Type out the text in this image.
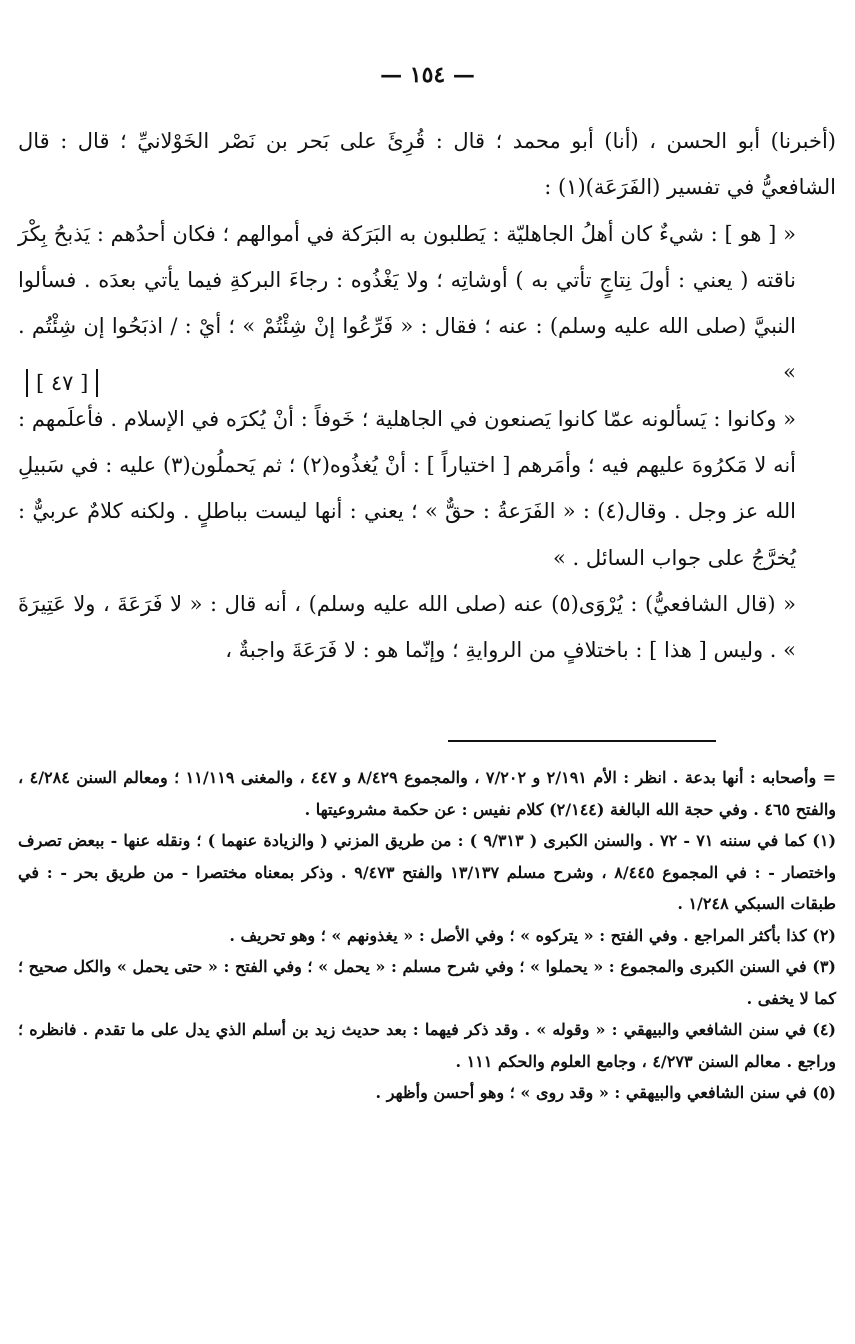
— ١٥٤ —

(أخبرنا) أبو الحسن ، (أنا) أبو محمد ؛ قال : قُرِئَ على بَحر بن نَصْر الخَوْلانيِّ ؛ قال : قال الشافعيُّ في تفسير (الفَرَعَة)(١) :

« [ هو ] : شيءٌ كان أهلُ الجاهليّة : يَطلبون به البَرَكة في أموالهم ؛ فكان أحدُهم : يَذبحُ بِكْرَ ناقته ( يعني : أولَ نِتاجٍ تأتي به ) أوشاتِه ؛ ولا يَغْذُوه : رجاءَ البركةِ فيما يأتي بعدَه . فسألوا النبيَّ (صلى الله عليه وسلم) : عنه ؛ فقال : « فَرِّعُوا إنْ شِئْتُمْ » ؛ أيْ : / اذبَحُوا إن شِئْتُم . »

« وكانوا : يَسألونه عمّا كانوا يَصنعون في الجاهلية ؛ خَوفاً : أنْ يُكرَه في الإسلام . فأعلَمهم : أنه لا مَكرُوهَ عليهم فيه ؛ وأمَرهم [ اختياراً ] : أنْ يُغذُوه(٢) ؛ ثم يَحملُون(٣) عليه : في سَبيلِ الله عز وجل . وقال(٤) : « الفَرَعةُ : حقٌّ » ؛ يعني : أنها ليست بباطلٍ . ولكنه كلامٌ عربيٌّ : يُخرَّجُ على جواب السائل . »

« (قال الشافعيُّ) : يُرْوَى(٥) عنه (صلى الله عليه وسلم) ، أنه قال : « لا فَرَعَةَ ، ولا عَتِيرَةَ » . وليس [ هذا ] : باختلافٍ من الروايةِ ؛ وإنّما هو : لا فَرَعَةَ واجبةٌ ،

[ ٤٧ ]

= وأصحابه : أنها بدعة . انظر : الأم ٢/١٩١ و ٧/٢٠٢ ، والمجموع ٨/٤٢٩ و ٤٤٧ ، والمغنى ١١/١١٩ ؛ ومعالم السنن ٤/٢٨٤ ، والفتح ٤٦٥ . وفي حجة الله البالغة (٢/١٤٤) كلام نفيس : عن حكمة مشروعيتها .

(١) كما في سننه ٧١ - ٧٢ . والسنن الكبرى ( ٩/٣١٣ ) : من طريق المزني ( والزيادة عنهما ) ؛ ونقله عنها - ببعض تصرف واختصار - : في المجموع ٨/٤٤٥ ، وشرح مسلم ١٣/١٣٧ والفتح ٩/٤٧٣ . وذكر بمعناه مختصرا - من طريق بحر - : في طبقات السبكي ١/٢٤٨ .

(٢) كذا بأكثر المراجع . وفي الفتح : « يتركوه » ؛ وفي الأصل : « يغذونهم » ؛ وهو تحريف .

(٣) في السنن الكبرى والمجموع : « يحملوا » ؛ وفي شرح مسلم : « يحمل » ؛ وفي الفتح : « حتى يحمل » والكل صحيح ؛ كما لا يخفى .

(٤) في سنن الشافعي والبيهقي : « وقوله » . وقد ذكر فيهما : بعد حديث زيد بن أسلم الذي يدل على ما تقدم . فانظره ؛ وراجع . معالم السنن ٤/٢٧٣ ، وجامع العلوم والحكم ١١١ .

(٥) في سنن الشافعي والبيهقي : « وقد روى » ؛ وهو أحسن وأظهر .
